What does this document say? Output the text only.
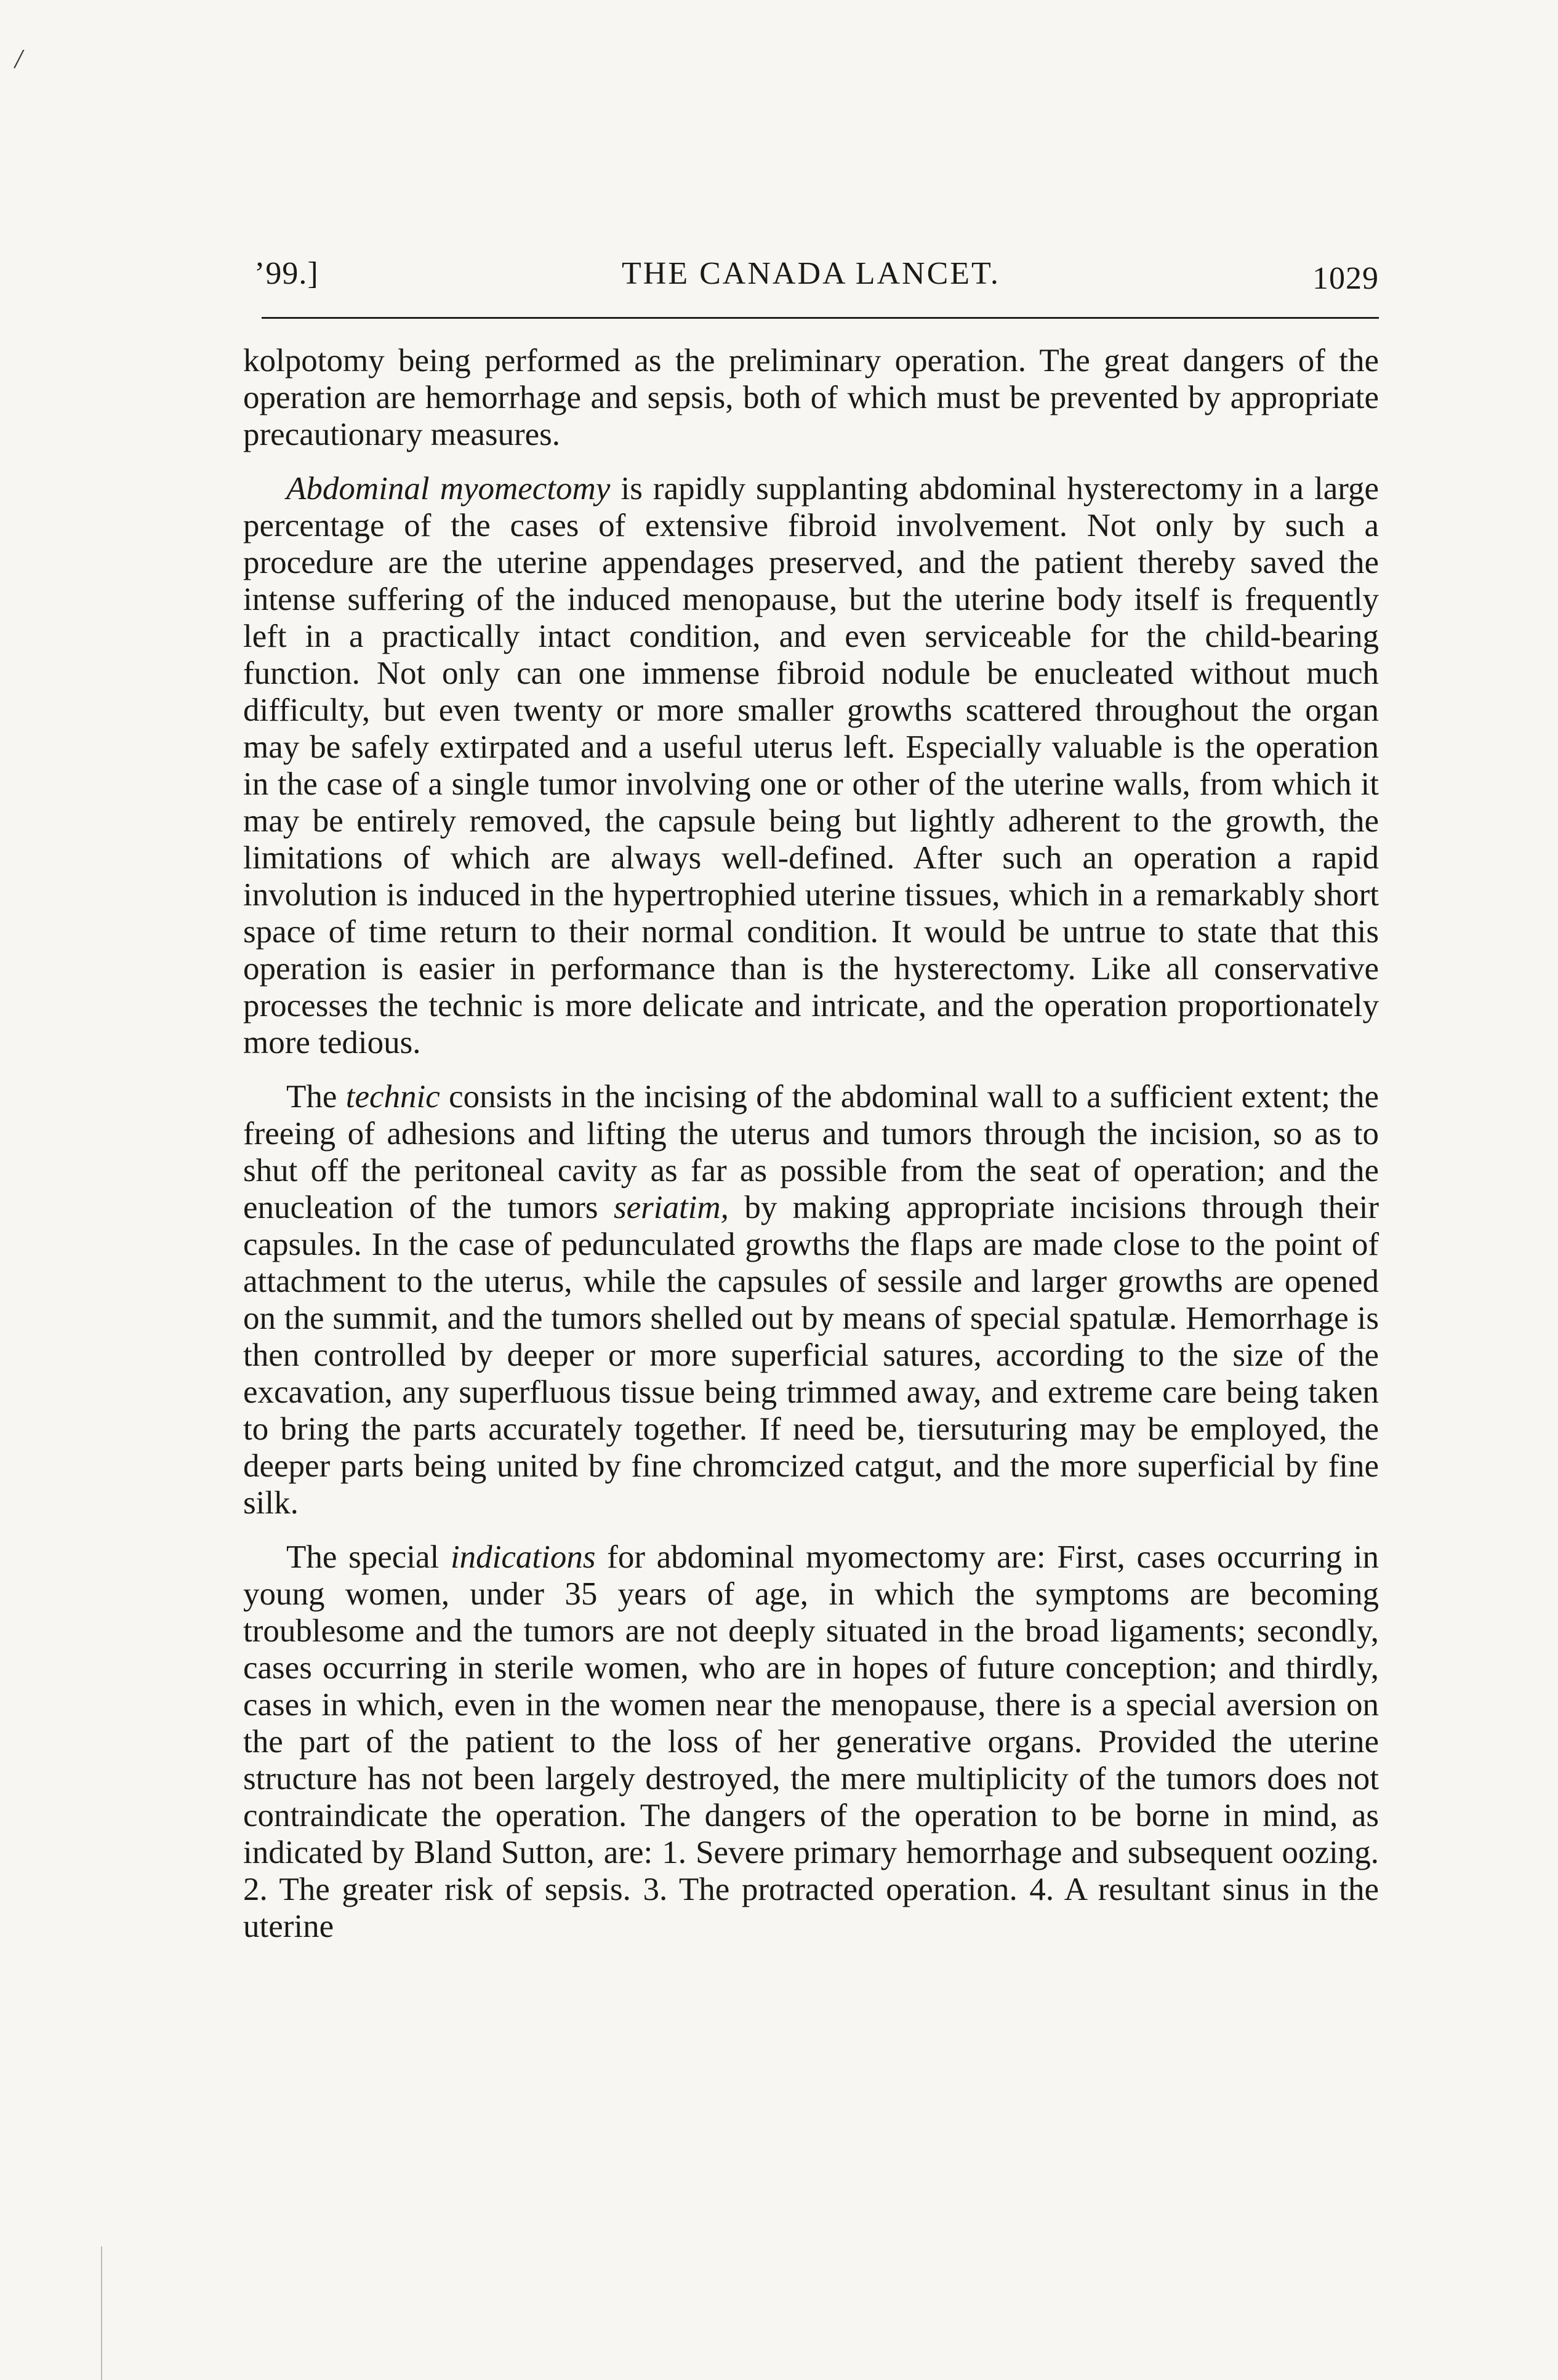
/
’99.]	THE CANADA LANCET.	1029

kolpotomy being performed as the preliminary operation. The great dangers of the operation are hemorrhage and sepsis, both of which must be prevented by appropriate precautionary measures.

Abdominal myomectomy is rapidly supplanting abdominal hysterectomy in a large percentage of the cases of extensive fibroid involvement. Not only by such a procedure are the uterine appendages preserved, and the patient thereby saved the intense suffering of the induced menopause, but the uterine body itself is frequently left in a practically intact condition, and even serviceable for the child-bearing function. Not only can one immense fibroid nodule be enucleated without much difficulty, but even twenty or more smaller growths scattered throughout the organ may be safely extirpated and a useful uterus left. Especially valuable is the operation in the case of a single tumor involving one or other of the uterine walls, from which it may be entirely removed, the capsule being but lightly adherent to the growth, the limitations of which are always well-defined. After such an operation a rapid involution is induced in the hypertrophied uterine tissues, which in a remarkably short space of time return to their normal condition. It would be untrue to state that this operation is easier in performance than is the hysterectomy. Like all conservative processes the technic is more delicate and intricate, and the operation proportionately more tedious.

The technic consists in the incising of the abdominal wall to a sufficient extent; the freeing of adhesions and lifting the uterus and tumors through the incision, so as to shut off the peritoneal cavity as far as possible from the seat of operation; and the enucleation of the tumors seriatim, by making appropriate incisions through their capsules. In the case of pedunculated growths the flaps are made close to the point of attachment to the uterus, while the capsules of sessile and larger growths are opened on the summit, and the tumors shelled out by means of special spatulæ. Hemorrhage is then controlled by deeper or more superficial satures, according to the size of the excavation, any superfluous tissue being trimmed away, and extreme care being taken to bring the parts accurately together. If need be, tiersuturing may be employed, the deeper parts being united by fine chromcized catgut, and the more superficial by fine silk.

The special indications for abdominal myomectomy are: First, cases occurring in young women, under 35 years of age, in which the symptoms are becoming troublesome and the tumors are not deeply situated in the broad ligaments; secondly, cases occurring in sterile women, who are in hopes of future conception; and thirdly, cases in which, even in the women near the menopause, there is a special aversion on the part of the patient to the loss of her generative organs. Provided the uterine structure has not been largely destroyed, the mere multiplicity of the tumors does not contraindicate the operation. The dangers of the operation to be borne in mind, as indicated by Bland Sutton, are: 1. Severe primary hemorrhage and subsequent oozing. 2. The greater risk of sepsis. 3. The protracted operation. 4. A resultant sinus in the uterine
